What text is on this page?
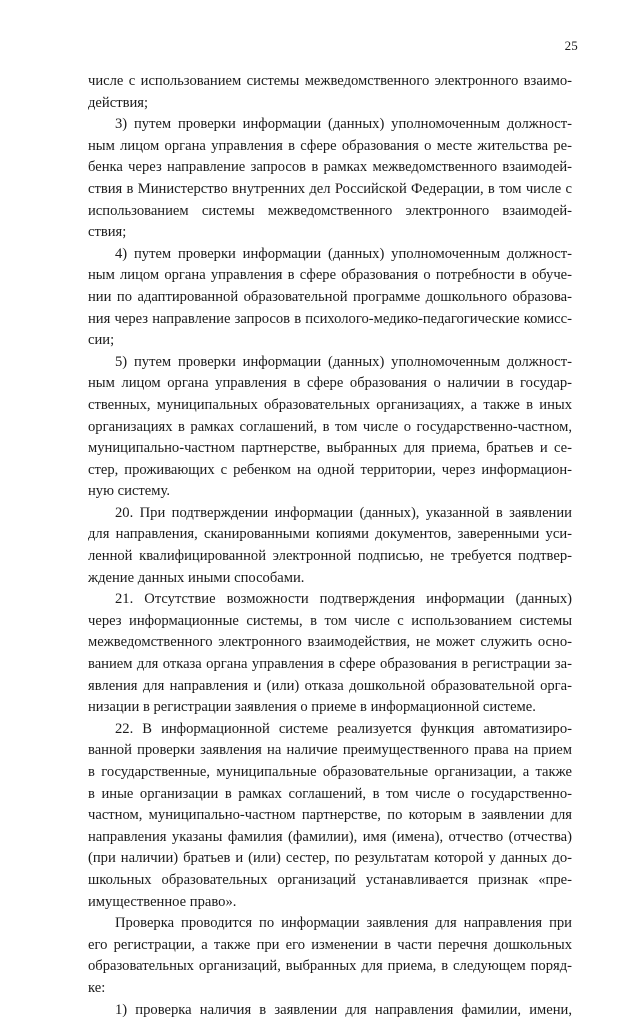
25
числе с использованием системы межведомственного электронного взаимо-
действия;
3) путем проверки информации (данных) уполномоченным должност-
ным лицом органа управления в сфере образования о месте жительства ре-
бенка через направление запросов в рамках межведомственного взаимодей-
ствия в Министерство внутренних дел Российской Федерации, в том числе с
использованием системы межведомственного электронного взаимодей-
ствия;
4) путем проверки информации (данных) уполномоченным должност-
ным лицом органа управления в сфере образования о потребности в обуче-
нии по адаптированной образовательной программе дошкольного образова-
ния через направление запросов в психолого-медико-педагогические комисс-
сии;
5) путем проверки информации (данных) уполномоченным должност-
ным лицом органа управления в сфере образования о наличии в государ-
ственных, муниципальных образовательных организациях, а также в иных
организациях в рамках соглашений, в том числе о государственно-частном,
муниципально-частном партнерстве, выбранных для приема, братьев и се-
стер, проживающих с ребенком на одной территории, через информацион-
ную систему.
20. При подтверждении информации (данных), указанной в заявлении
для направления, сканированными копиями документов, заверенными уси-
ленной квалифицированной электронной подписью, не требуется подтвер-
ждение данных иными способами.
21. Отсутствие возможности подтверждения информации (данных)
через информационные системы, в том числе с использованием системы
межведомственного электронного взаимодействия, не может служить осно-
ванием для отказа органа управления в сфере образования в регистрации за-
явления для направления и (или) отказа дошкольной образовательной орга-
низации в регистрации заявления о приеме в информационной системе.
22. В информационной системе реализуется функция автоматизиро-
ванной проверки заявления на наличие преимущественного права на прием
в государственные, муниципальные образовательные организации, а также
в иные организации в рамках соглашений, в том числе о государственно-
частном, муниципально-частном партнерстве, по которым в заявлении для
направления указаны фамилия (фамилии), имя (имена), отчество (отчества)
(при наличии) братьев и (или) сестер, по результатам которой у данных до-
школьных образовательных организаций устанавливается признак «пре-
имущественное право».
Проверка проводится по информации заявления для направления при
его регистрации, а также при его изменении в части перечня дошкольных
образовательных организаций, выбранных для приема, в следующем поряд-
ке:
1) проверка наличия в заявлении для направления фамилии, имени,
